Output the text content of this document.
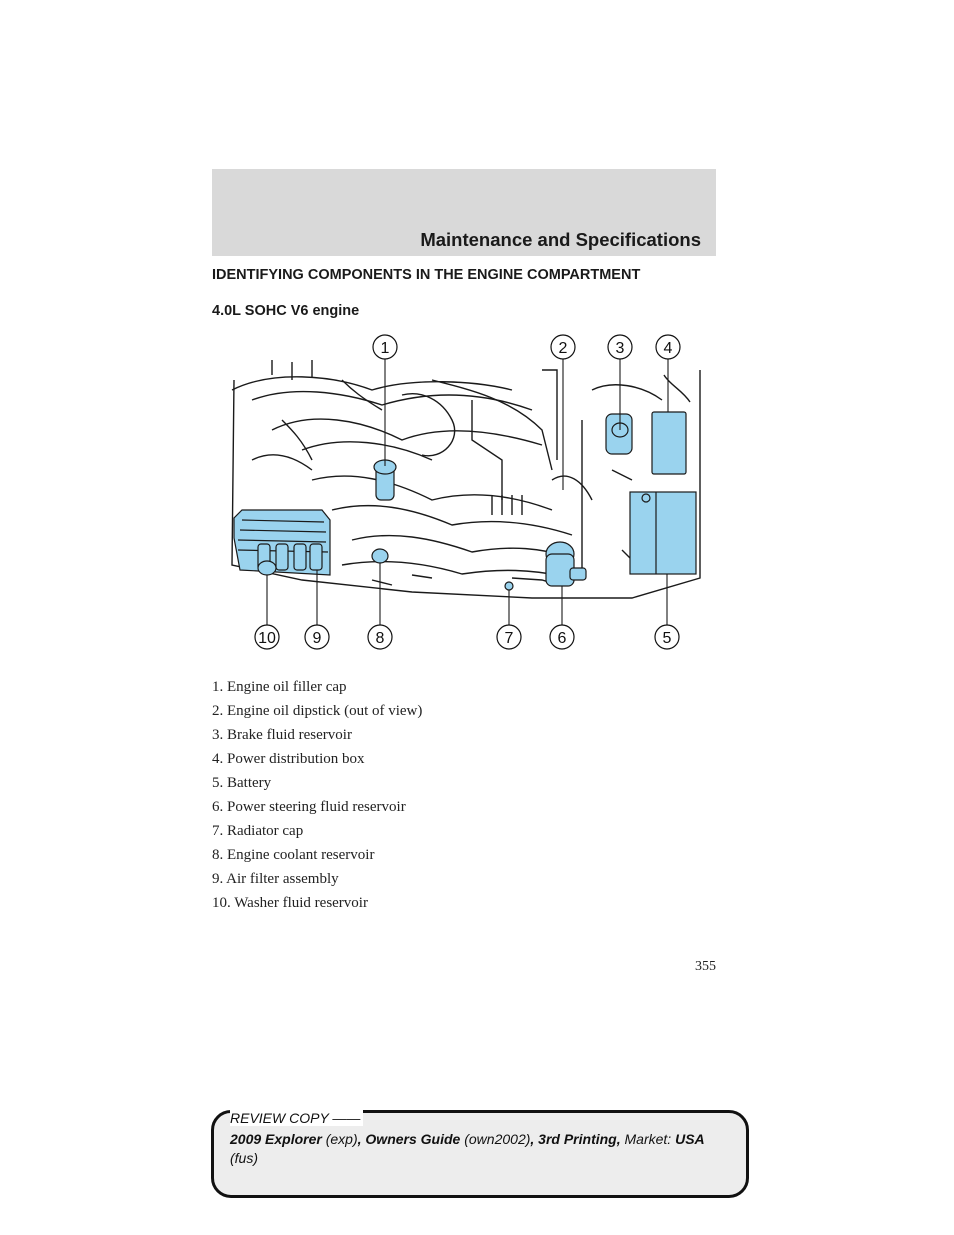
Maintenance and Specifications
IDENTIFYING COMPONENTS IN THE ENGINE COMPARTMENT
4.0L SOHC V6 engine
1	2	3 4
10 9	8	7	6	5
1. Engine oil filler cap
2. Engine oil dipstick (out of view)
3. Brake fluid reservoir
4. Power distribution box
5. Battery
6. Power steering fluid reservoir
7. Radiator cap
8. Engine coolant reservoir
9. Air filter assembly
10. Washer fluid reservoir
355
REVIEW COPY ——
2009 Explorer (exp), Owners Guide (own2002), 3rd Printing, Market: USA (fus)
